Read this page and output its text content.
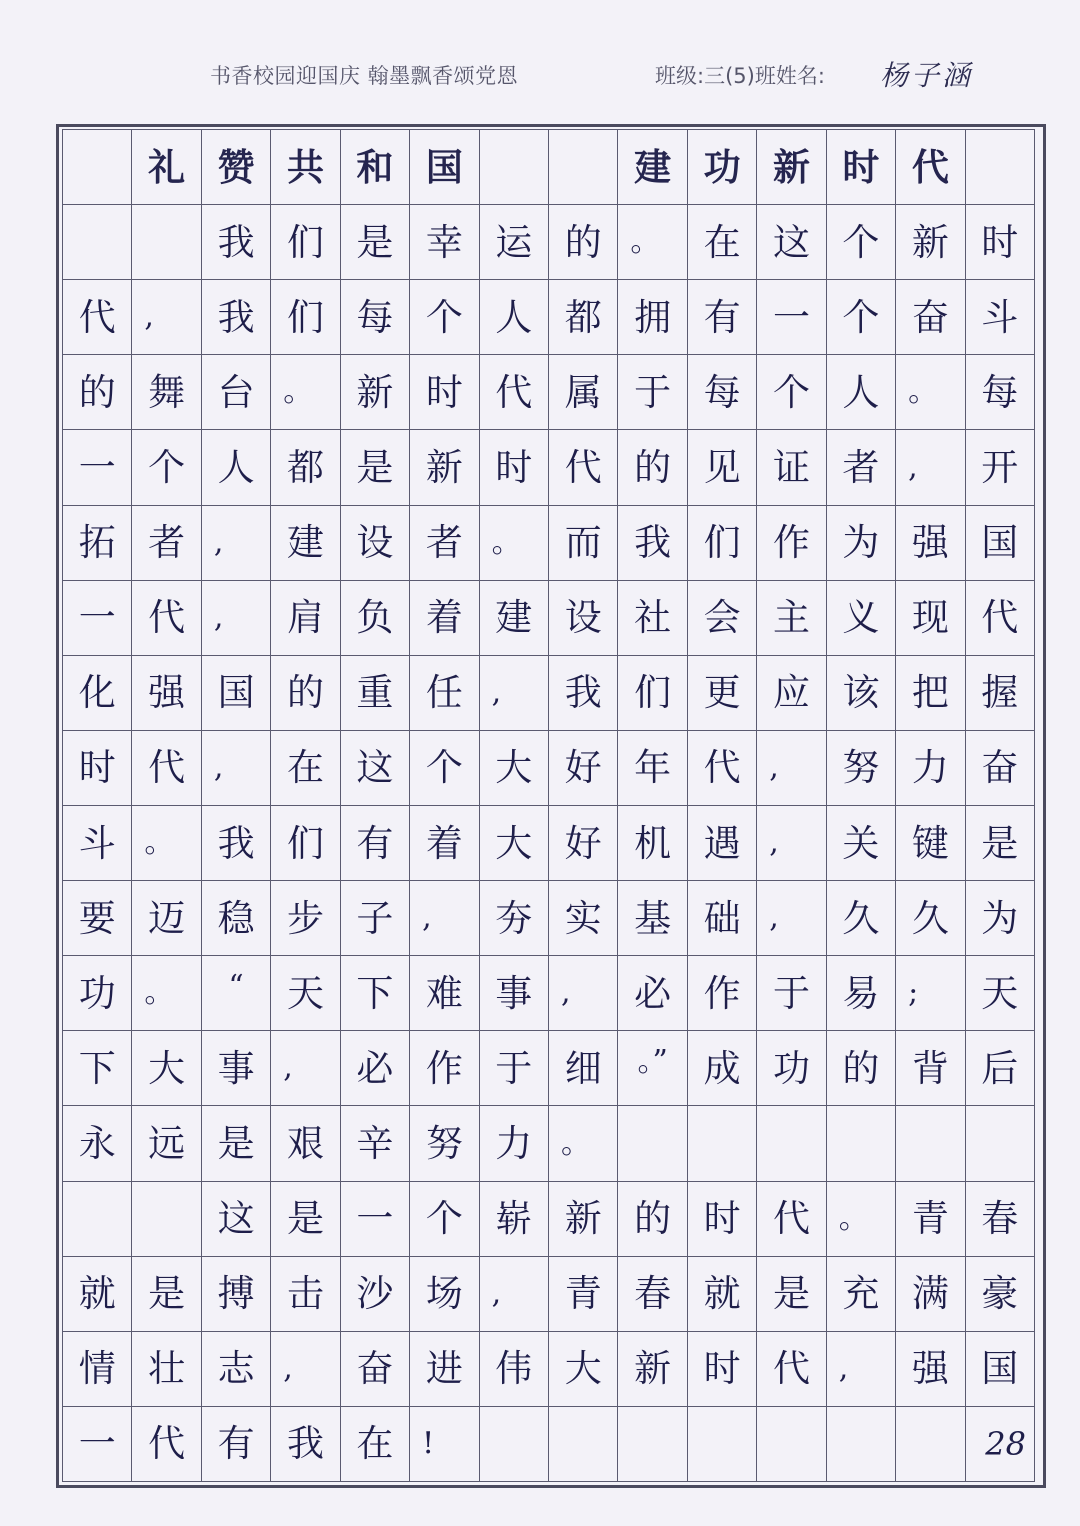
书香校园迎国庆 翰墨飘香颂党恩	班级:三(5)班姓名: 杨子涵
礼 赞 共 和 国	建 功 新 时 代
我 们 是 幸 运 的 。	在 这 个 新 时
代 ,	我 们 每 个 人 都 拥 有 一 个 奋 斗
的 舞 台 。	新 时 代 属 于 每 个 人 。	每
一 个 人 都 是 新 时 代 的 见 证 者 ,	开
拓 者 ,	建 设 者 。	而 我 们 作 为 强 国
一 代 ,	肩 负 着 建 设 社 会 主 义 现 代
化 强 国 的 重 任 ,	我 们 更 应 该 把 握
时 代 ,	在 这 个 大 好 年 代 ,	努 力 奋
斗 。	我 们 有 着 大 好 机 遇 ,	关 键 是
要 迈 稳 步 子 ,	夯 实 基 础 ,	久 久 为
功 。	“	天 下 难 事 ,	必 作 于 易 ;	天
下 大 事 ,	必 作 于 细	。” 成 功 的 背 后
永 远 是 艰 辛 努 力 。
这 是 一 个 崭 新 的 时 代 。	青 春
就 是 搏 击 沙 场 ,	青 春 就 是 充 满 豪
情 壮 志 ,	奋 进 伟 大 新 时 代 ,	强 国
一 代 有 我 在 !	28
